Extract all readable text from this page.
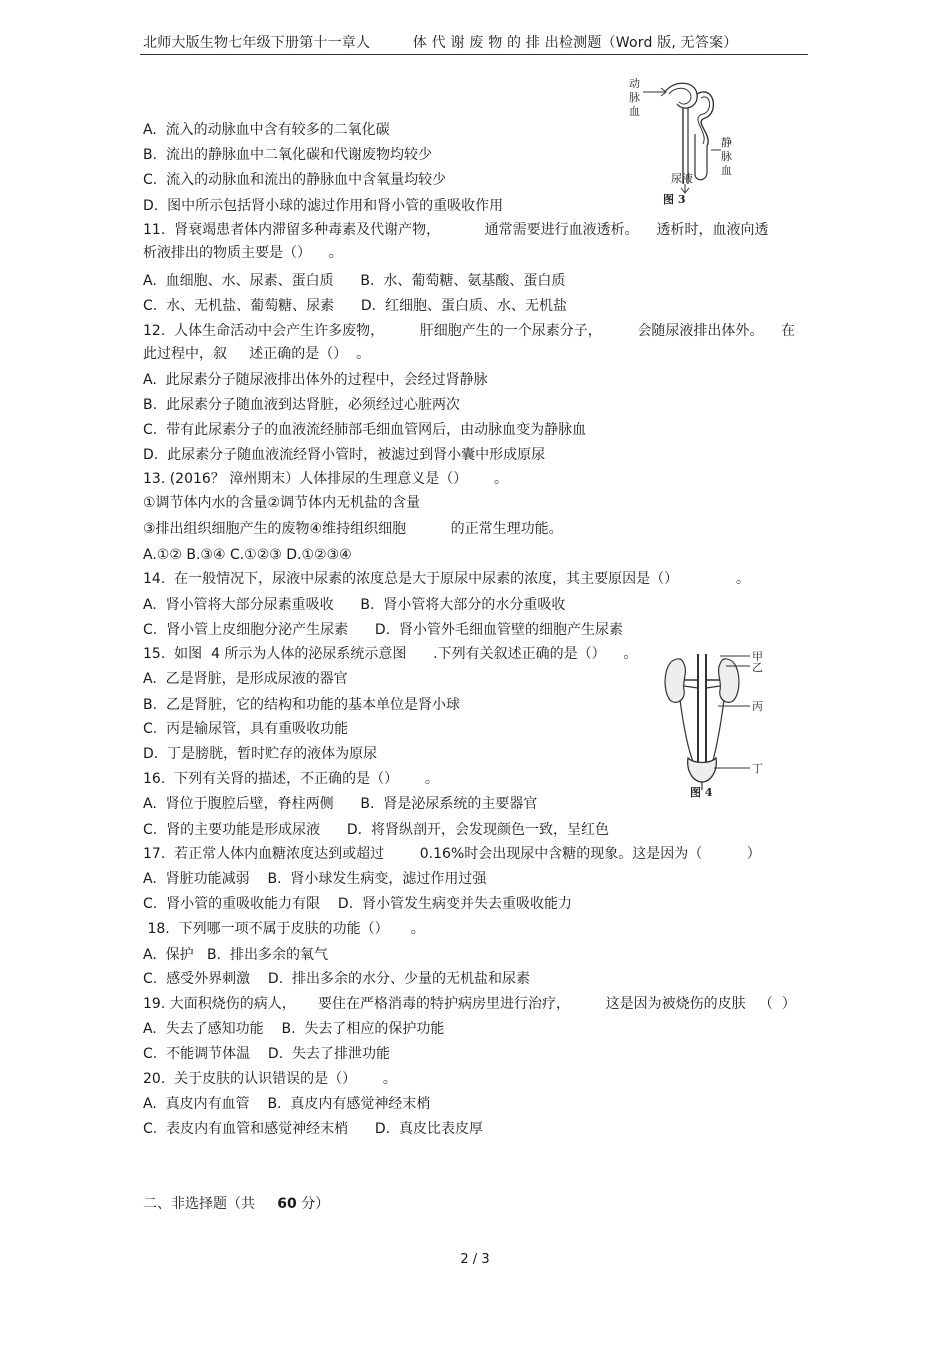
北师大版生物七年级下册第十一章人　　　体 代 谢 废 物 的 排 出检测题（Word 版, 无答案）
A.  流入的动脉血中含有较多的二氧化碳
B.  流出的静脉血中二氧化碳和代谢废物均较少
C.  流入的动脉血和流出的静脉血中含氧量均较少
D.  图中所示包括肾小球的滤过作用和肾小管的重吸收作用
11.  肾衰竭患者体内滞留多种毒素及代谢产物，          通常需要进行血液透析。    透析时，血液向透
析液排出的物质主要是（）    。
A.  血细胞、水、尿素、蛋白质      B.  水、葡萄糖、氨基酸、蛋白质
C.  水、无机盐、葡萄糖、尿素      D.  红细胞、蛋白质、水、无机盐
12.  人体生命活动中会产生许多废物，        肝细胞产生的一个尿素分子，        会随尿液排出体外。    在
此过程中，叙     述正确的是（）  。
A.  此尿素分子随尿液排出体外的过程中，会经过肾静脉
B.  此尿素分子随血液到达肾脏，必须经过心脏两次
C.  带有此尿素分子的血液流经肺部毛细血管网后，由动脉血变为静脉血
D.  此尿素分子随血液流经肾小管时，被滤过到肾小囊中形成原尿
13. (2016？ 漳州期末）人体排尿的生理意义是（）      。
①调节体内水的含量②调节体内无机盐的含量
③排出组织细胞产生的废物④维持组织细胞          的正常生理功能。
A.①② B.③④ C.①②③ D.①②③④
14.  在一般情况下，尿液中尿素的浓度总是大于原尿中尿素的浓度，其主要原因是（）             。
A.  肾小管将大部分尿素重吸收      B.  肾小管将大部分的水分重吸收
C.  肾小管上皮细胞分泌产生尿素      D.  肾小管外毛细血管壁的细胞产生尿素
15.  如图  4 所示为人体的泌尿系统示意图      .下列有关叙述正确的是（）    。
A.  乙是肾脏，是形成尿液的器官
B.  乙是肾脏，它的结构和功能的基本单位是肾小球
C.  丙是输尿管，具有重吸收功能
D.  丁是膀胱，暂时贮存的液体为原尿
16.  下列有关肾的描述，不正确的是（）      。
A.  肾位于腹腔后壁，脊柱两侧      B.  肾是泌尿系统的主要器官
C.  肾的主要功能是形成尿液      D.  将肾纵剖开，会发现颜色一致，呈红色
17.  若正常人体内血糖浓度达到或超过        0.16%时会出现尿中含糖的现象。这是因为（          ）
A.  肾脏功能减弱    B.  肾小球发生病变，滤过作用过强
C.  肾小管的重吸收能力有限    D.  肾小管发生病变并失去重吸收能力
18.  下列哪一项不属于皮肤的功能（）     。
A.  保护   B.  排出多余的氧气
C.  感受外界刺激    D.  排出多余的水分、少量的无机盐和尿素
19. 大面积烧伤的病人，     要住在严格消毒的特护病房里进行治疗，        这是因为被烧伤的皮肤   （  ）
A.  失去了感知功能    B.  失去了相应的保护功能
C.  不能调节体温    D.  失去了排泄功能
20.  关于皮肤的认识错误的是（）      。
A.  真皮内有血管    B.  真皮内有感觉神经末梢
C.  表皮内有血管和感觉神经末梢      D.  真皮比表皮厚
动
脉
血
静
脉
血
尿液
图 3
甲
乙
丙
丁
图 4
二、非选择题（共     60 分）
2 / 3
